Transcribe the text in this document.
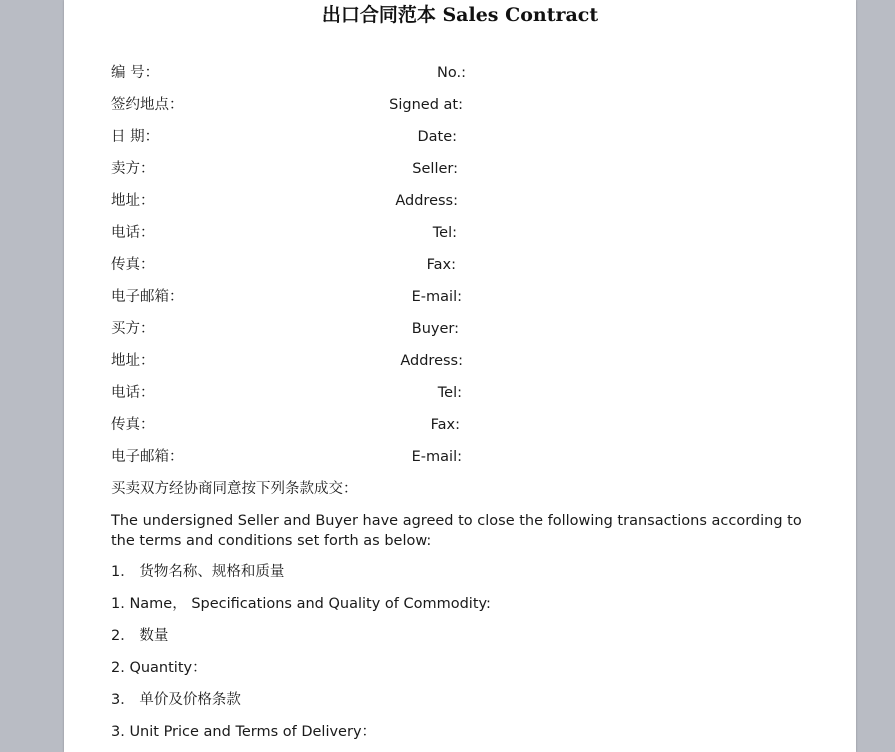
出口合同范本 Sales Contract
编 号：	No.:
签约地点：	Signed at:
日 期：	Date:
卖方：	Seller:
地址：	Address:
电话：	Tel:
传真：	Fax:
电子邮箱：	E-mail:
买方：	Buyer:
地址：	Address:
电话：	Tel:
传真：	Fax:
电子邮箱：	E-mail:
买卖双方经协商同意按下列条款成交：
The undersigned Seller and Buyer have agreed to close the following transactions according to the terms and conditions set forth as below:
1． 货物名称、规格和质量
1. Name， Specifications and Quality of Commodity:
2． 数量
2. Quantity：
3． 单价及价格条款
3. Unit Price and Terms of Delivery：
